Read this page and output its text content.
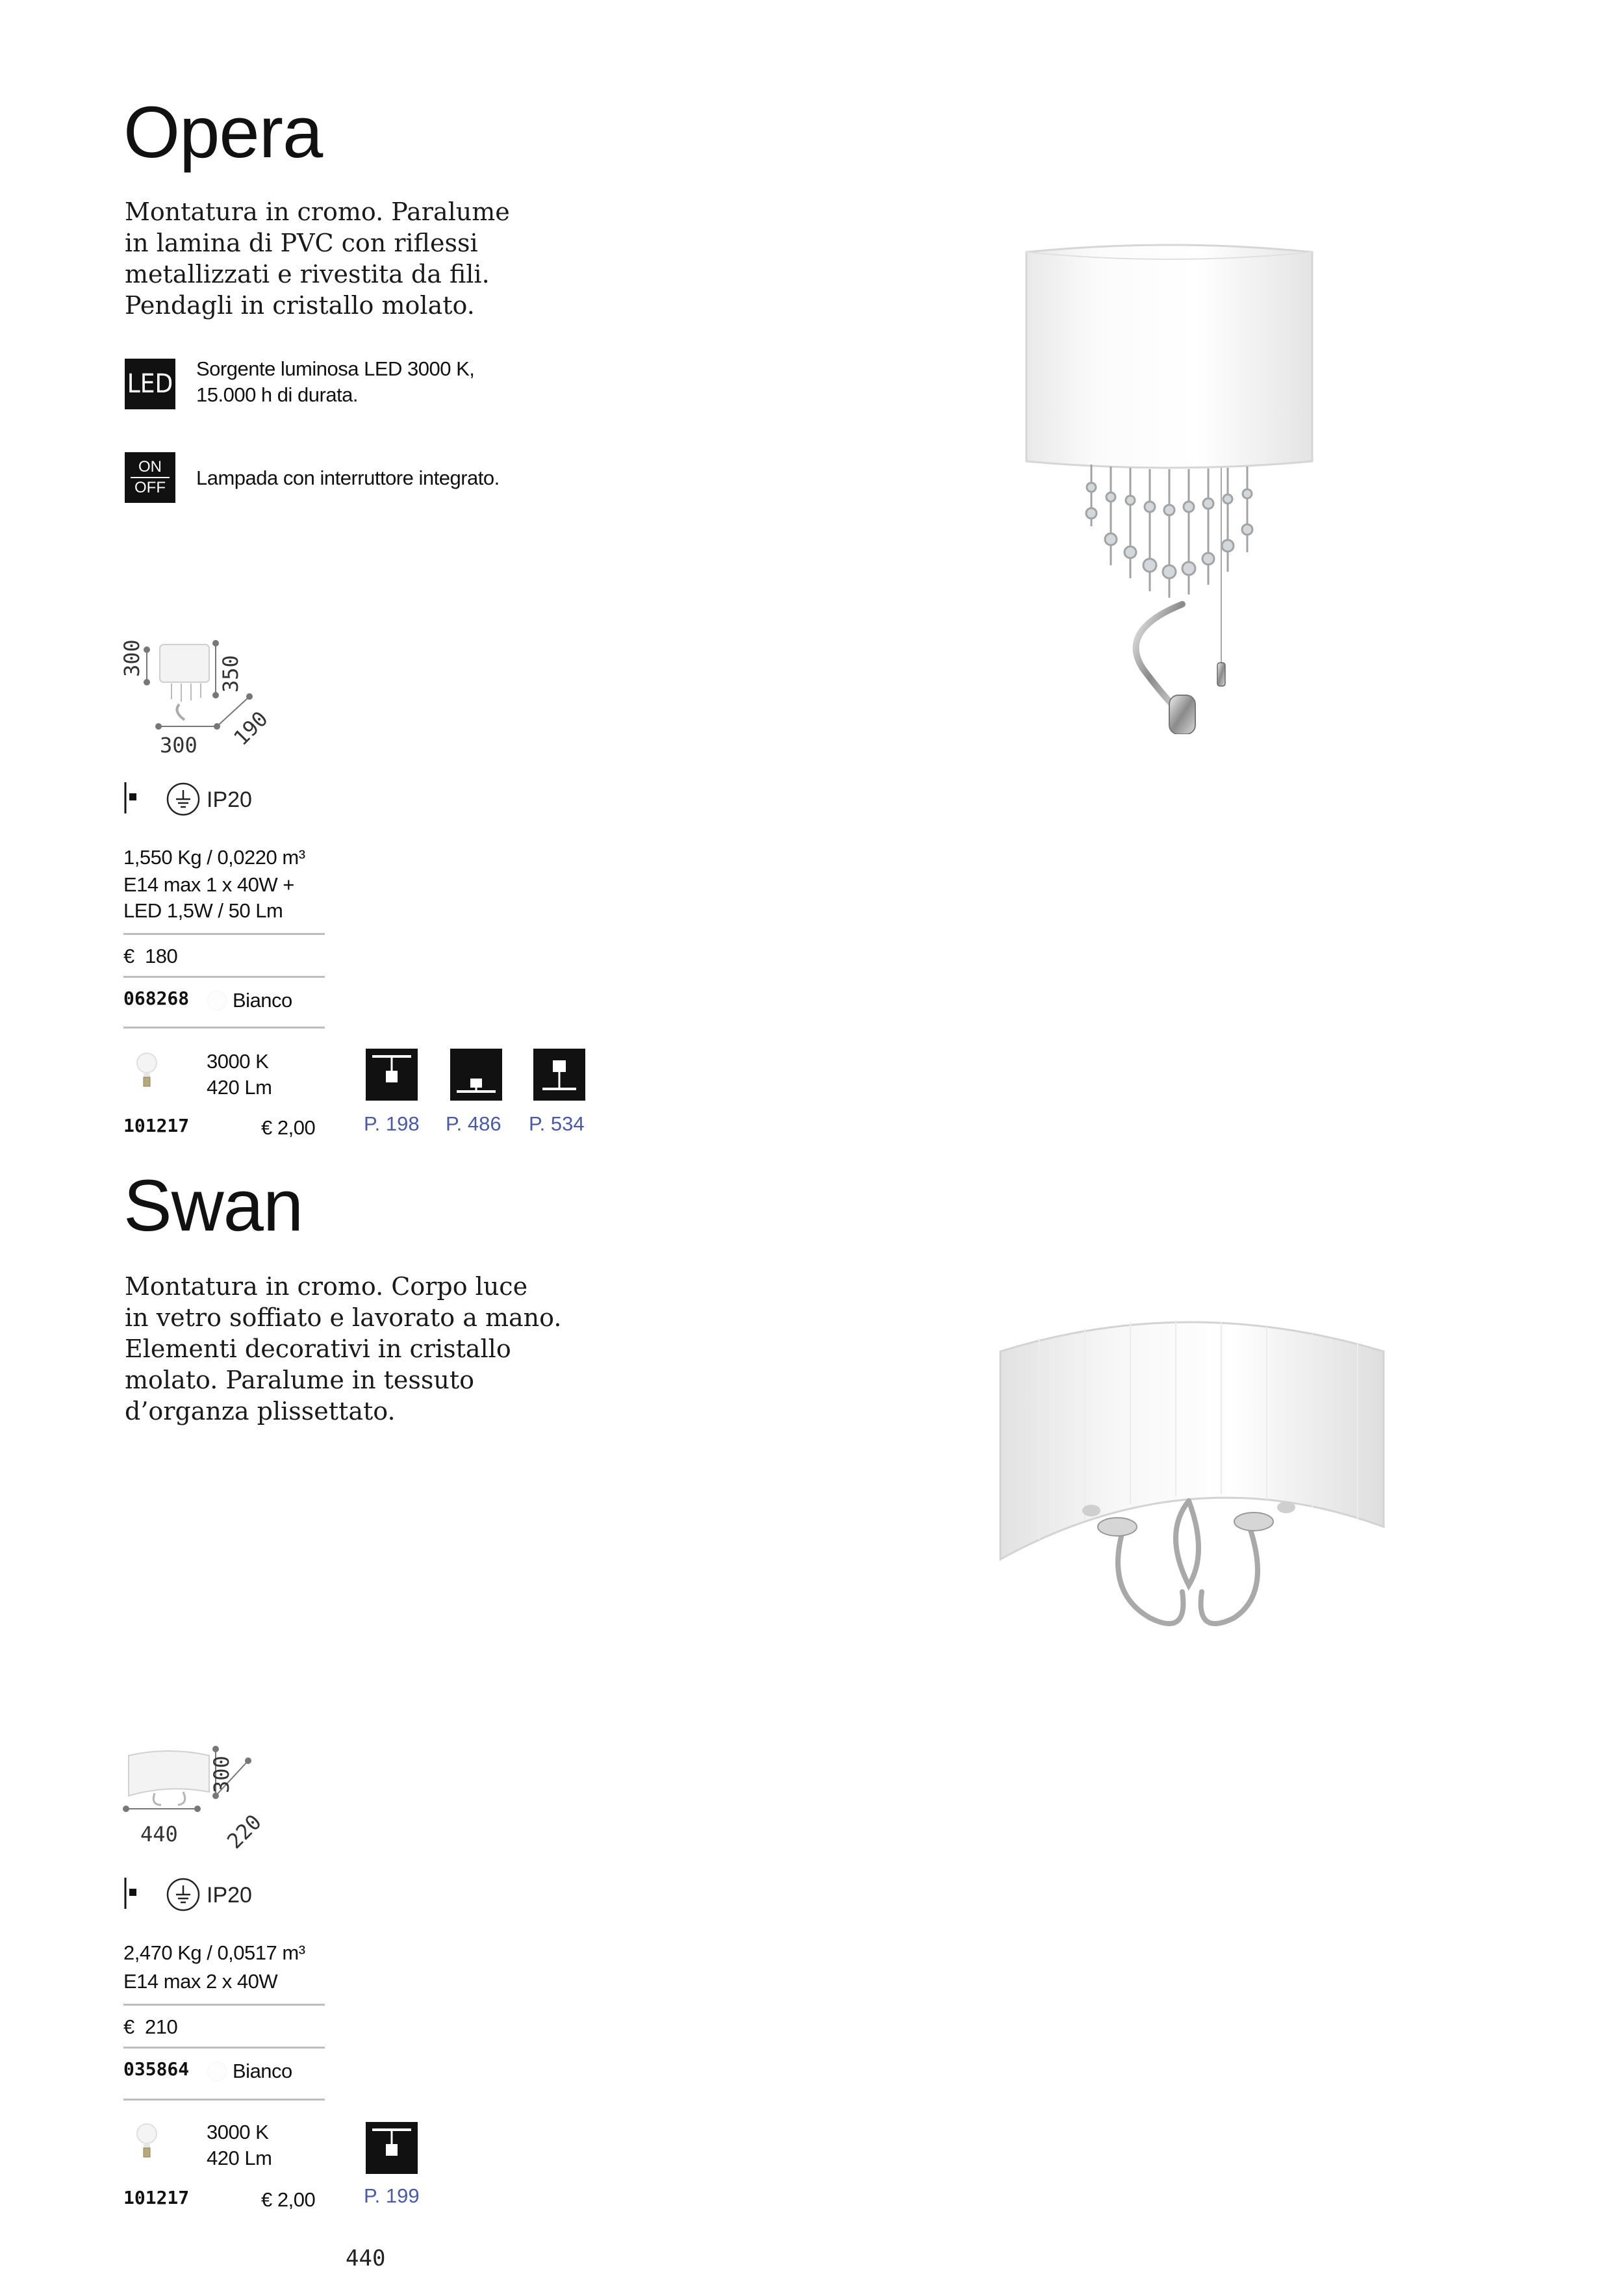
Opera
Montatura in cromo. Paralume
in lamina di PVC con riflessi
metallizzati e rivestita da fili.
Pendagli in cristallo molato.
LED
Sorgente luminosa LED 3000 K,
15.000 h di durata.
ON
OFF Lampada con interruttore integrato.
300	350
300 190
IP20
1,550 Kg / 0,0220 m³
E14 max 1 x 40W +
LED 1,5W / 50 Lm
€ 180
068268 Bianco
3000 K
420 Lm
101217	€ 2,00 P. 198 P. 486 P. 534
Swan
Montatura in cromo. Corpo luce
in vetro soffiato e lavorato a mano.
Elementi decorativi in cristallo
molato. Paralume in tessuto
d’organza plissettato.
300
440 220
IP20
2,470 Kg / 0,0517 m³
E14 max 2 x 40W
€ 210
035864 Bianco
3000 K
420 Lm
101217	€ 2,00 P. 199
440
